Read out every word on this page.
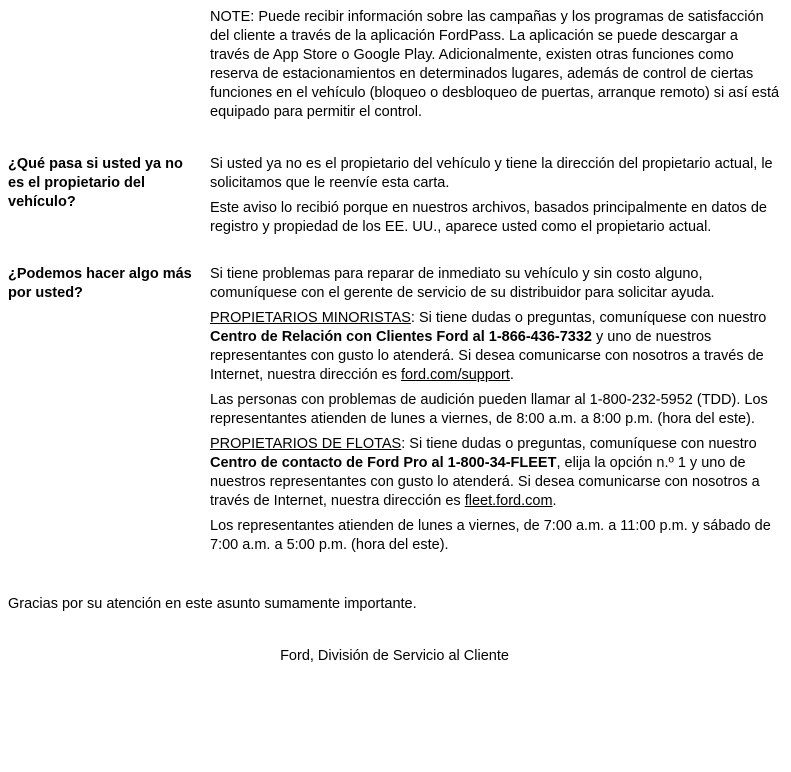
NOTE: Puede recibir información sobre las campañas y los programas de satisfacción del cliente a través de la aplicación FordPass. La aplicación se puede descargar a través de App Store o Google Play. Adicionalmente, existen otras funciones como reserva de estacionamientos en determinados lugares, además de control de ciertas funciones en el vehículo (bloqueo o desbloqueo de puertas, arranque remoto) si así está equipado para permitir el control.

¿Qué pasa si usted ya no es el propietario del vehículo?

Si usted ya no es el propietario del vehículo y tiene la dirección del propietario actual, le solicitamos que le reenvíe esta carta.

Este aviso lo recibió porque en nuestros archivos, basados principalmente en datos de registro y propiedad de los EE. UU., aparece usted como el propietario actual.

¿Podemos hacer algo más por usted?

Si tiene problemas para reparar de inmediato su vehículo y sin costo alguno, comuníquese con el gerente de servicio de su distribuidor para solicitar ayuda.

PROPIETARIOS MINORISTAS: Si tiene dudas o preguntas, comuníquese con nuestro Centro de Relación con Clientes Ford al 1-866-436-7332 y uno de nuestros representantes con gusto lo atenderá. Si desea comunicarse con nosotros a través de Internet, nuestra dirección es ford.com/support.

Las personas con problemas de audición pueden llamar al 1-800-232-5952 (TDD). Los representantes atienden de lunes a viernes, de 8:00 a.m. a 8:00 p.m. (hora del este).

PROPIETARIOS DE FLOTAS: Si tiene dudas o preguntas, comuníquese con nuestro Centro de contacto de Ford Pro al 1-800-34-FLEET, elija la opción n.º 1 y uno de nuestros representantes con gusto lo atenderá. Si desea comunicarse con nosotros a través de Internet, nuestra dirección es fleet.ford.com.

Los representantes atienden de lunes a viernes, de 7:00 a.m. a 11:00 p.m. y sábado de 7:00 a.m. a 5:00 p.m. (hora del este).

Gracias por su atención en este asunto sumamente importante.

Ford, División de Servicio al Cliente
